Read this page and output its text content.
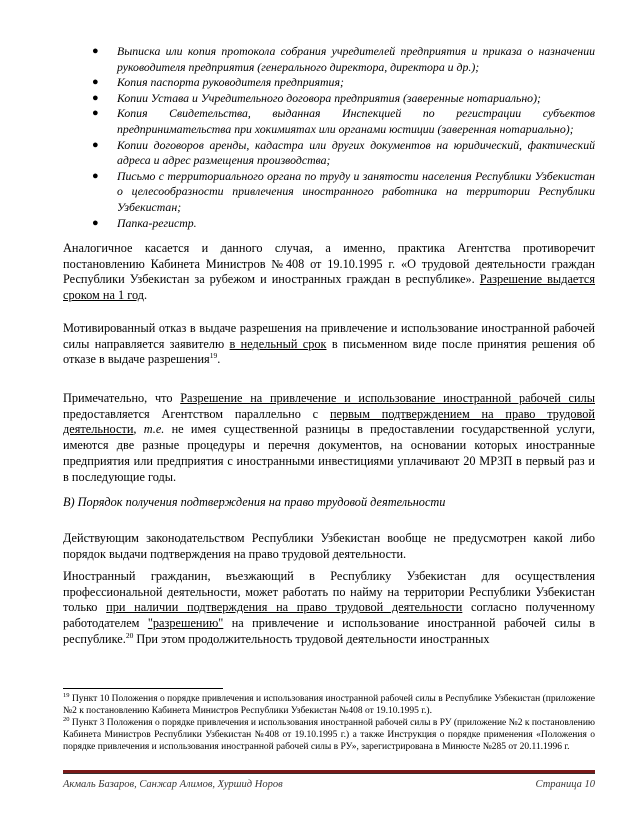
● Выписка или копия протокола собрания учредителей предприятия и приказа о назначении руководителя предприятия (генерального директора, директора и др.);
● Копия паспорта руководителя предприятия;
● Копии Устава и Учредительного договора предприятия (заверенные нотариально);
● Копия Свидетельства, выданная Инспекцией по регистрации субъектов предпринимательства при хокимиятах или органами юстиции (заверенная нотариально);
● Копии договоров аренды, кадастра или других документов на юридический, фактический адреса и адрес размещения производства;
● Письмо с территориального органа по труду и занятости населения Республики Узбекистан о целесообразности привлечения иностранного работника на территории Республики Узбекистан;
● Папка-регистр.

Аналогичное касается и данного случая, а именно, практика Агентства противоречит постановлению Кабинета Министров №408 от 19.10.1995 г. «О трудовой деятельности граждан Республики Узбекистан за рубежом и иностранных граждан в республике». Разрешение выдается сроком на 1 год.

Мотивированный отказ в выдаче разрешения на привлечение и использование иностранной рабочей силы направляется заявителю в недельный срок в письменном виде после принятия решения об отказе в выдаче разрешения$^{19}$.

Примечательно, что Разрешение на привлечение и использование иностранной рабочей силы предоставляется Агентством параллельно с первым подтверждением на право трудовой деятельности, т.е. не имея существенной разницы в предоставлении государственной услуги, имеются две разные процедуры и перечня документов, на основании которых иностранные предприятия или предприятия с иностранными инвестициями уплачивают 20 МРЗП в первый раз и в последующие годы.

В) Порядок получения подтверждения на право трудовой деятельности

Действующим законодательством Республики Узбекистан вообще не предусмотрен какой либо порядок выдачи подтверждения на право трудовой деятельности.

Иностранный гражданин, въезжающий в Республику Узбекистан для осуществления профессиональной деятельности, может работать по найму на территории Республики Узбекистан только при наличии подтверждения на право трудовой деятельности согласно полученному работодателем "разрешению" на привлечение и использование иностранной рабочей силы в республике.$^{20}$ При этом продолжительность трудовой деятельности иностранных

$^{19}$ Пункт 10 Положения о порядке привлечения и использования иностранной рабочей силы в Республике Узбекистан (приложение №2 к постановлению Кабинета Министров Республики Узбекистан №408 от 19.10.1995 г.).

$^{20}$ Пункт 3 Положения о порядке привлечения и использования иностранной рабочей силы в РУ (приложение №2 к постановлению Кабинета Министров Республики Узбекистан №408 от 19.10.1995 г.) а также Инструкция о порядке применения «Положения о порядке привлечения и использования иностранной рабочей силы в РУ», зарегистрирована в Минюсте №285 от 20.11.1996 г.

Акмаль Базаров, Санжар Алимов, Хуршид Норов	Страница 10
